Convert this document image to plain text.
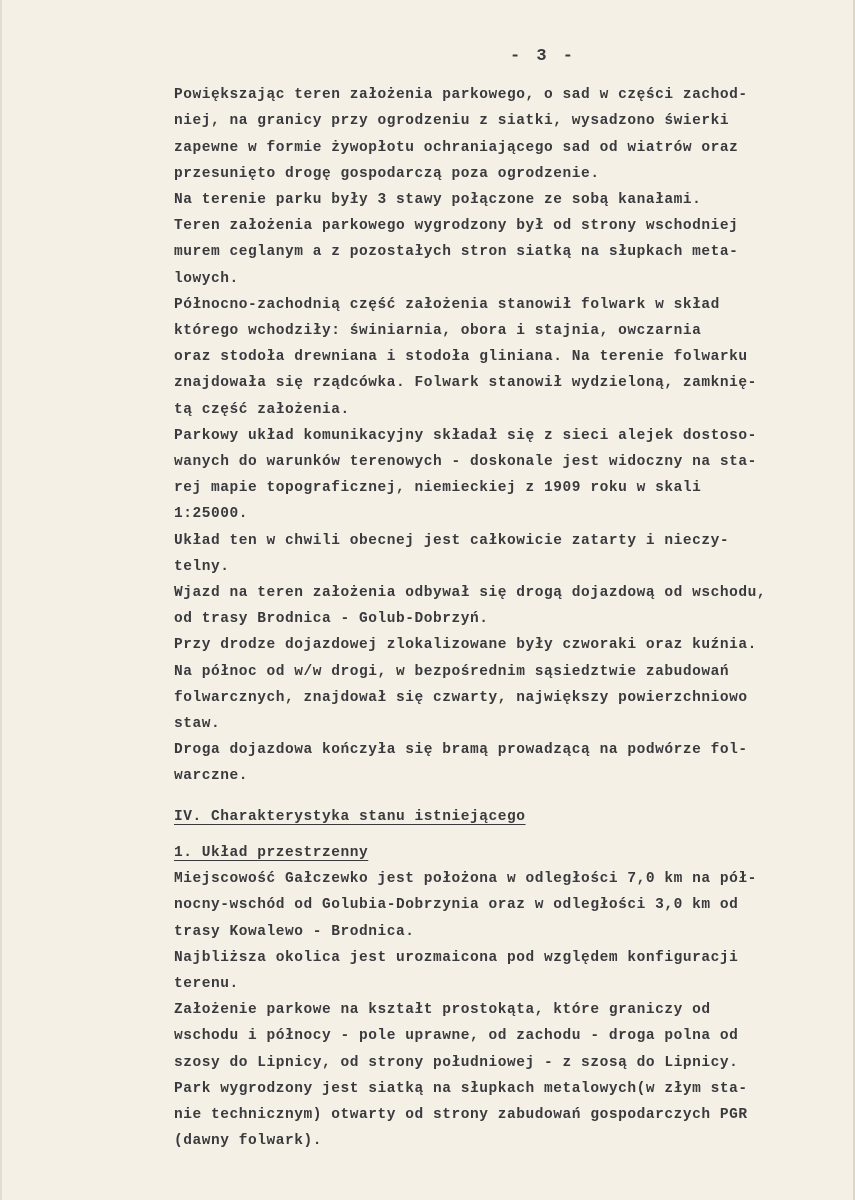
- 3 -
Powiększając teren założenia parkowego, o sad w części zachod-
niej, na granicy przy ogrodzeniu z siatki, wysadzono świerki
zapewne w formie żywopłotu ochraniającego sad od wiatrów oraz
przesunięto drogę gospodarczą poza ogrodzenie.
Na terenie parku były 3 stawy połączone ze sobą kanałami.
Teren założenia parkowego wygrodzony był od strony wschodniej
murem ceglanym a z pozostałych stron siatką na słupkach meta-
lowych.
Północno-zachodnią część założenia stanowił folwark w skład
którego wchodziły: świniarnia, obora i stajnia, owczarnia
oraz stodoła drewniana i stodoła gliniana. Na terenie folwarku
znajdowała się rządcówka. Folwark stanowił wydzieloną, zamknię-
tą część założenia.
Parkowy układ komunikacyjny składał się z sieci alejek dostoso-
wanych do warunków terenowych - doskonale jest widoczny na sta-
rej mapie topograficznej, niemieckiej z 1909 roku w skali
1:25000.
Układ ten w chwili obecnej jest całkowicie zatarty i nieczy-
telny.
Wjazd na teren założenia odbywał się drogą dojazdową od wschodu,
od trasy Brodnica - Golub-Dobrzyń.
Przy drodze dojazdowej zlokalizowane były czworaki oraz kuźnia.
Na północ od w/w drogi, w bezpośrednim sąsiedztwie zabudowań
folwarcznych, znajdował się czwarty, największy powierzchniowo
staw.
Droga dojazdowa kończyła się bramą prowadzącą na podwórze fol-
warczne.
IV. Charakterystyka stanu istniejącego
1. Układ przestrzenny
Miejscowość Gałczewko jest położona w odległości 7,0 km na pół-
nocny-wschód od Golubia-Dobrzynia oraz w odległości 3,0 km od
trasy Kowalewo - Brodnica.
Najbliższa okolica jest urozmaicona pod względem konfiguracji
terenu.
Założenie parkowe na kształt prostokąta, które graniczy od
wschodu i północy - pole uprawne, od zachodu - droga polna od
szosy do Lipnicy, od strony południowej - z szosą do Lipnicy.
Park wygrodzony jest siatką na słupkach metalowych(w złym sta-
nie technicznym) otwarty od strony zabudowań gospodarczych PGR
(dawny folwark).
